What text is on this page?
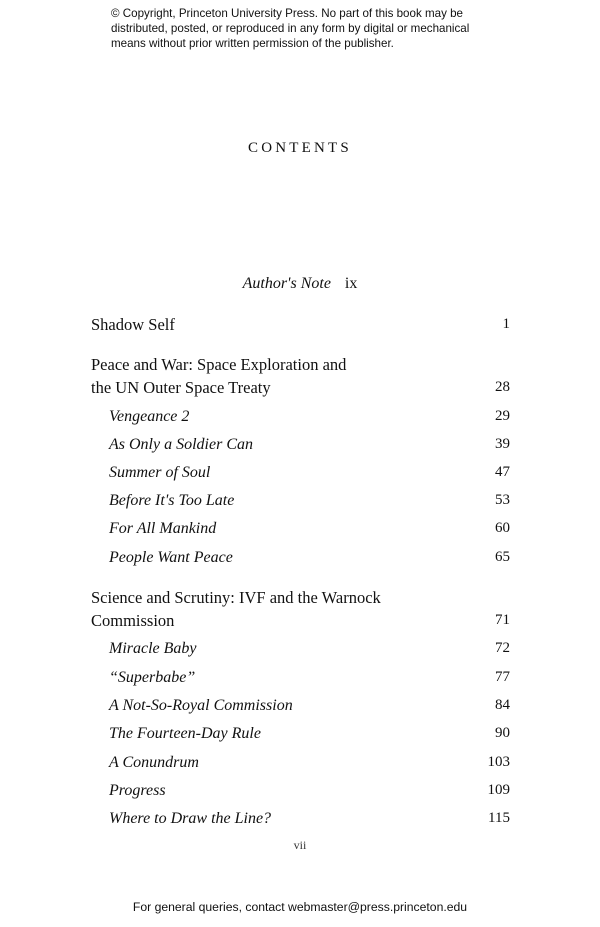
© Copyright, Princeton University Press. No part of this book may be
distributed, posted, or reproduced in any form by digital or mechanical
means without prior written permission of the publisher.
CONTENTS
Author's Note ix
Shadow Self	1
Peace and War: Space Exploration and
the UN Outer Space Treaty	28
Vengeance 2	29
As Only a Soldier Can	39
Summer of Soul	47
Before It's Too Late	53
For All Mankind	60
People Want Peace	65
Science and Scrutiny: IVF and the Warnock
Commission	71
Miracle Baby	72
“Superbabe”	77
A Not-So-Royal Commission	84
The Fourteen-Day Rule	90
A Conundrum	103
Progress	109
Where to Draw the Line?	115
vii
For general queries, contact webmaster@press.princeton.edu
